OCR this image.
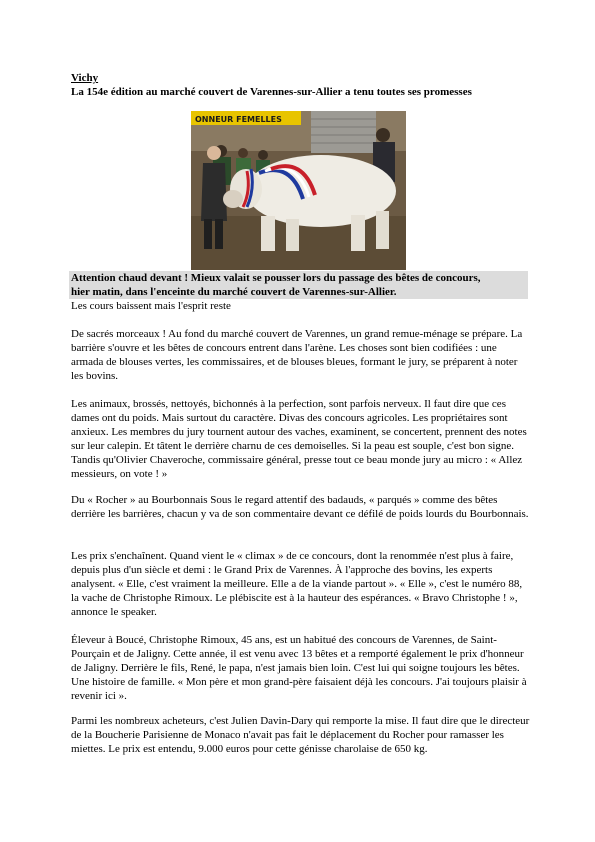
Vichy
La 154e édition au marché couvert de Varennes-sur-Allier a tenu toutes ses promesses
ONNEUR FEMELLES
Attention chaud devant ! Mieux valait se pousser lors du passage des bêtes de concours,
hier matin, dans l'enceinte du marché couvert de Varennes-sur-Allier.
Les cours baissent mais l'esprit reste
De sacrés morceaux ! Au fond du marché couvert de Varennes, un grand remue-ménage se prépare. La barrière s'ouvre et les bêtes de concours entrent dans l'arène. Les choses sont bien codifiées : une armada de blouses vertes, les commissaires, et de blouses bleues, formant le jury, se préparent à noter les bovins.
Les animaux, brossés, nettoyés, bichonnés à la perfection, sont parfois nerveux. Il faut dire que ces dames ont du poids. Mais surtout du caractère. Divas des concours agricoles. Les propriétaires sont anxieux. Les membres du jury tournent autour des vaches, examinent, se concertent, prennent des notes sur leur calepin. Et tâtent le derrière charnu de ces demoiselles. Si la peau est souple, c'est bon signe. Tandis qu'Olivier Chaveroche, commissaire général, presse tout ce beau monde jury au micro : « Allez messieurs, on vote ! »
Du « Rocher » au Bourbonnais Sous le regard attentif des badauds, « parqués » comme des bêtes derrière les barrières, chacun y va de son commentaire devant ce défilé de poids lourds du Bourbonnais.
Les prix s'enchaînent. Quand vient le « climax » de ce concours, dont la renommée n'est plus à faire, depuis plus d'un siècle et demi : le Grand Prix de Varennes. À l'approche des bovins, les experts analysent. « Elle, c'est vraiment la meilleure. Elle a de la viande partout ». « Elle », c'est le numéro 88, la vache de Christophe Rimoux. Le plébiscite est à la hauteur des espérances. « Bravo Christophe ! », annonce le speaker.
Éleveur à Boucé, Christophe Rimoux, 45 ans, est un habitué des concours de Varennes, de Saint-Pourçain et de Jaligny. Cette année, il est venu avec 13 bêtes et a remporté également le prix d'honneur de Jaligny. Derrière le fils, René, le papa, n'est jamais bien loin. C'est lui qui soigne toujours les bêtes. Une histoire de famille. « Mon père et mon grand-père faisaient déjà les concours. J'ai toujours plaisir à revenir ici ».
Parmi les nombreux acheteurs, c'est Julien Davin-Dary qui remporte la mise. Il faut dire que le directeur de la Boucherie Parisienne de Monaco n'avait pas fait le déplacement du Rocher pour ramasser les miettes. Le prix est entendu, 9.000 euros pour cette génisse charolaise de 650 kg.
